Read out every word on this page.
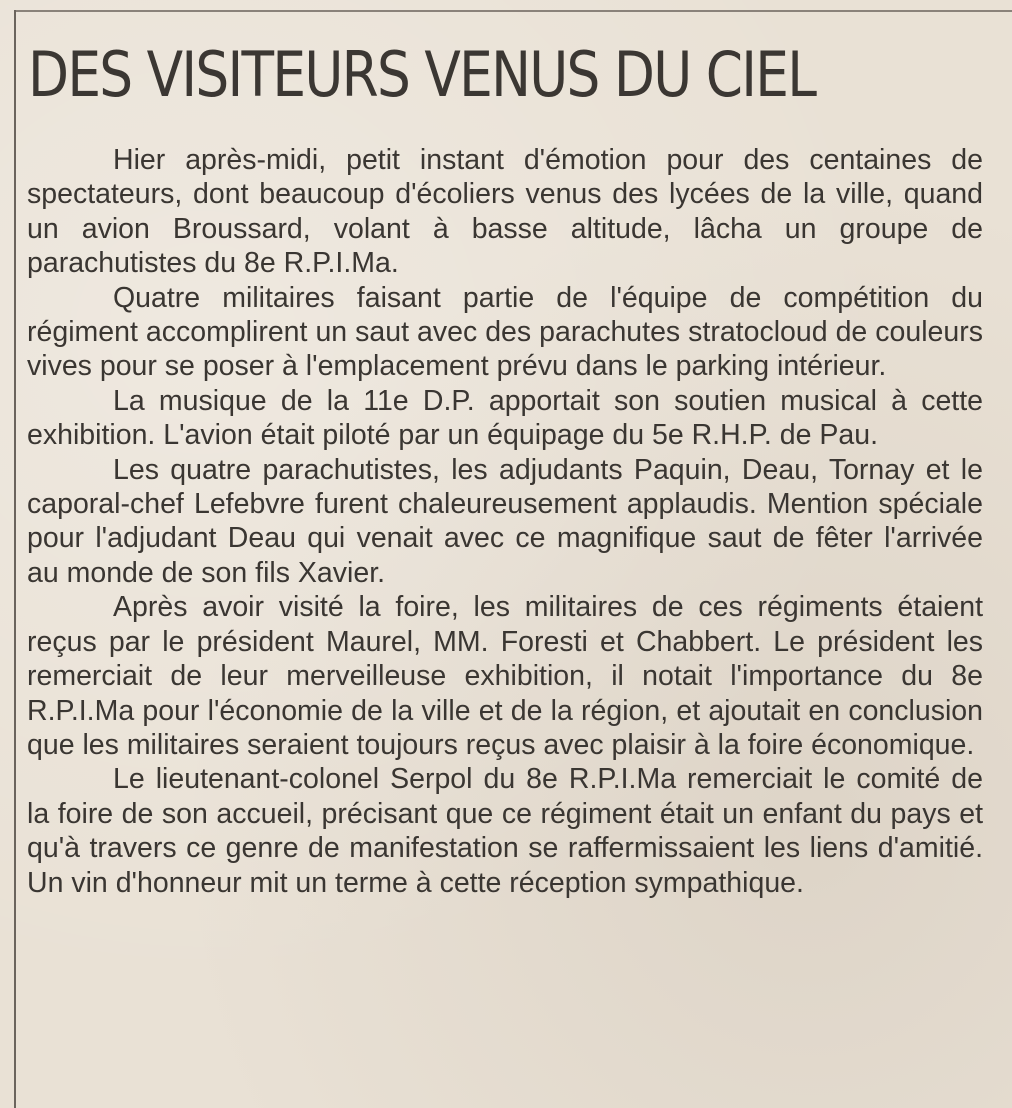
DES VISITEURS VENUS DU CIEL

Hier après-midi, petit instant d'émotion pour des centaines de spectateurs, dont beaucoup d'écoliers venus des lycées de la ville, quand un avion Broussard, volant à basse altitude, lâcha un groupe de parachutistes du 8e R.P.I.Ma.

Quatre militaires faisant partie de l'équipe de compétition du régiment accomplirent un saut avec des parachutes stratocloud de couleurs vives pour se poser à l'emplacement prévu dans le parking intérieur.

La musique de la 11e D.P. apportait son soutien musical à cette exhibition. L'avion était piloté par un équipage du 5e R.H.P. de Pau.

Les quatre parachutistes, les adjudants Paquin, Deau, Tornay et le caporal-chef Lefebvre furent chaleureusement applaudis. Mention spéciale pour l'adjudant Deau qui venait avec ce magnifique saut de fêter l'arrivée au monde de son fils Xavier.

Après avoir visité la foire, les militaires de ces régiments étaient reçus par le président Maurel, MM. Foresti et Chabbert. Le président les remerciait de leur merveilleuse exhibition, il notait l'importance du 8e R.P.I.Ma pour l'économie de la ville et de la région, et ajoutait en conclusion que les militaires seraient toujours reçus avec plaisir à la foire économique.

Le lieutenant-colonel Serpol du 8e R.P.I.Ma remerciait le comité de la foire de son accueil, précisant que ce régiment était un enfant du pays et qu'à travers ce genre de manifestation se raffermissaient les liens d'amitié. Un vin d'honneur mit un terme à cette réception sympathique.
